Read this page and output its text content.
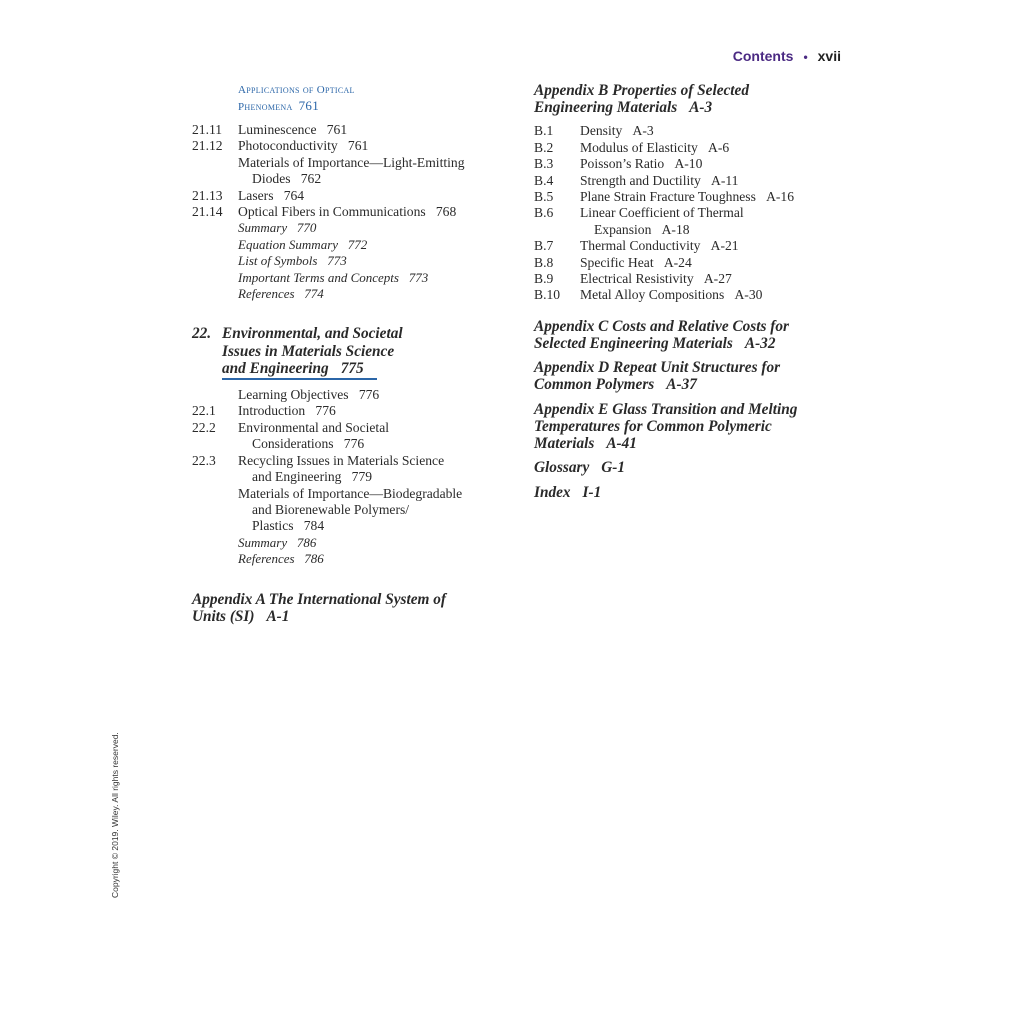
Contents • xvii
Applications of Optical
Phenomena 761
21.11 Luminescence 761
21.12 Photoconductivity 761
Materials of Importance—Light-Emitting
Diodes 762
21.13 Lasers 764
21.14 Optical Fibers in Communications 768
Summary 770
Equation Summary 772
List of Symbols 773
Important Terms and Concepts 773
References 774
22. Environmental, and Societal
Issues in Materials Science
and Engineering 775
Learning Objectives 776
22.1 Introduction 776
22.2 Environmental and Societal
Considerations 776
22.3 Recycling Issues in Materials Science
and Engineering 779
Materials of Importance—Biodegradable
and Biorenewable Polymers/
Plastics 784
Summary 786
References 786
Appendix A The International System of
Units (SI) A-1
Appendix B Properties of Selected
Engineering Materials A-3
B.1 Density A-3
B.2 Modulus of Elasticity A-6
B.3 Poisson’s Ratio A-10
B.4 Strength and Ductility A-11
B.5 Plane Strain Fracture Toughness A-16
B.6 Linear Coefficient of Thermal
Expansion A-18
B.7 Thermal Conductivity A-21
B.8 Specific Heat A-24
B.9 Electrical Resistivity A-27
B.10 Metal Alloy Compositions A-30
Appendix C Costs and Relative Costs for
Selected Engineering Materials A-32
Appendix D Repeat Unit Structures for
Common Polymers A-37
Appendix E Glass Transition and Melting
Temperatures for Common Polymeric
Materials A-41
Glossary G-1
Index I-1
Copyright © 2019. Wiley. All rights reserved.
